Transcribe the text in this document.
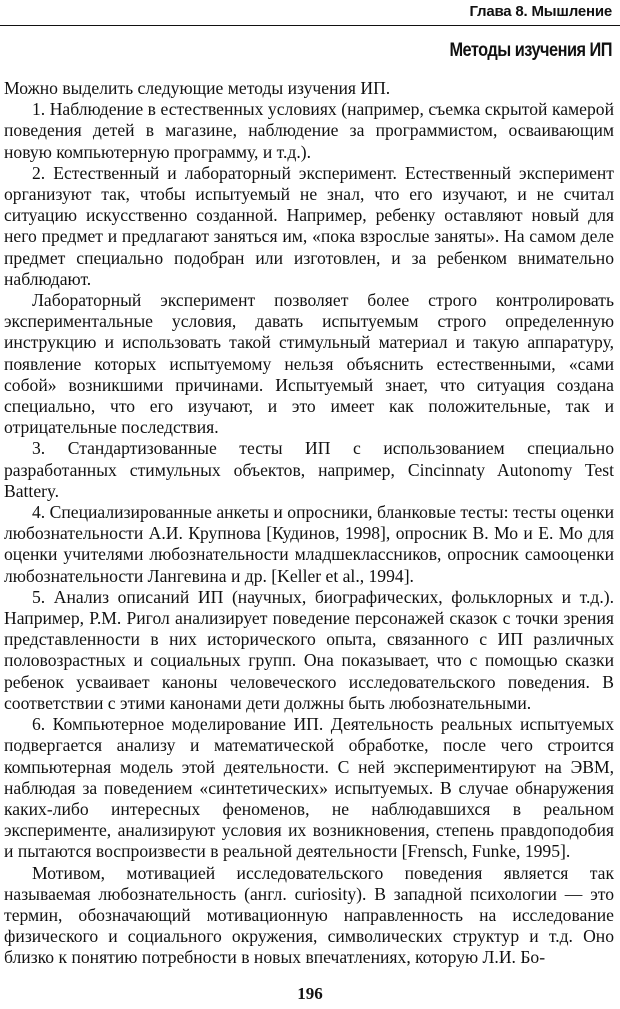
Глава 8. Мышление
Методы изучения ИП

Можно выделить следующие методы изучения ИП.

1. Наблюдение в естественных условиях (например, съемка скрытой камерой поведения детей в магазине, наблюдение за программистом, осваивающим новую компьютерную программу, и т.д.).

2. Естественный и лабораторный эксперимент. Естественный эксперимент организуют так, чтобы испытуемый не знал, что его изучают, и не считал ситуацию искусственно созданной. Например, ребенку оставляют новый для него предмет и предлагают заняться им, «пока взрослые заняты». На самом деле предмет специально подобран или изготовлен, и за ребенком внимательно наблюдают.

Лабораторный эксперимент позволяет более строго контролировать экспериментальные условия, давать испытуемым строго определенную инструкцию и использовать такой стимульный материал и такую аппаратуру, появление которых испытуемому нельзя объяснить естественными, «сами собой» возникшими причинами. Испытуемый знает, что ситуация создана специально, что его изучают, и это имеет как положительные, так и отрицательные последствия.

3. Стандартизованные тесты ИП с использованием специально разработанных стимульных объектов, например, Cincinnaty Autonomy Test Battery.

4. Специализированные анкеты и опросники, бланковые тесты: тесты оценки любознательности А.И. Крупнова [Кудинов, 1998], опросник В. Мо и Е. Мо для оценки учителями любознательности младшеклассников, опросник самооценки любознательности Лангевина и др. [Keller et al., 1994].

5. Анализ описаний ИП (научных, биографических, фольклорных и т.д.). Например, Р.М. Ригол анализирует поведение персонажей сказок с точки зрения представленности в них исторического опыта, связанного с ИП различных половозрастных и социальных групп. Она показывает, что с помощью сказки ребенок усваивает каноны человеческого исследовательского поведения. В соответствии с этими канонами дети должны быть любознательными.

6. Компьютерное моделирование ИП. Деятельность реальных испытуемых подвергается анализу и математической обработке, после чего строится компьютерная модель этой деятельности. С ней экспериментируют на ЭВМ, наблюдая за поведением «синтетических» испытуемых. В случае обнаружения каких-либо интересных феноменов, не наблюдавшихся в реальном эксперименте, анализируют условия их возникновения, степень правдоподобия и пытаются воспроизвести в реальной деятельности [Frensch, Funke, 1995].

Мотивом, мотивацией исследовательского поведения является так называемая любознательность (англ. curiosity). В западной психологии — это термин, обозначающий мотивационную направленность на исследование физического и социального окружения, символических структур и т.д. Оно близко к понятию потребности в новых впечатлениях, которую Л.И. Бо-

196
